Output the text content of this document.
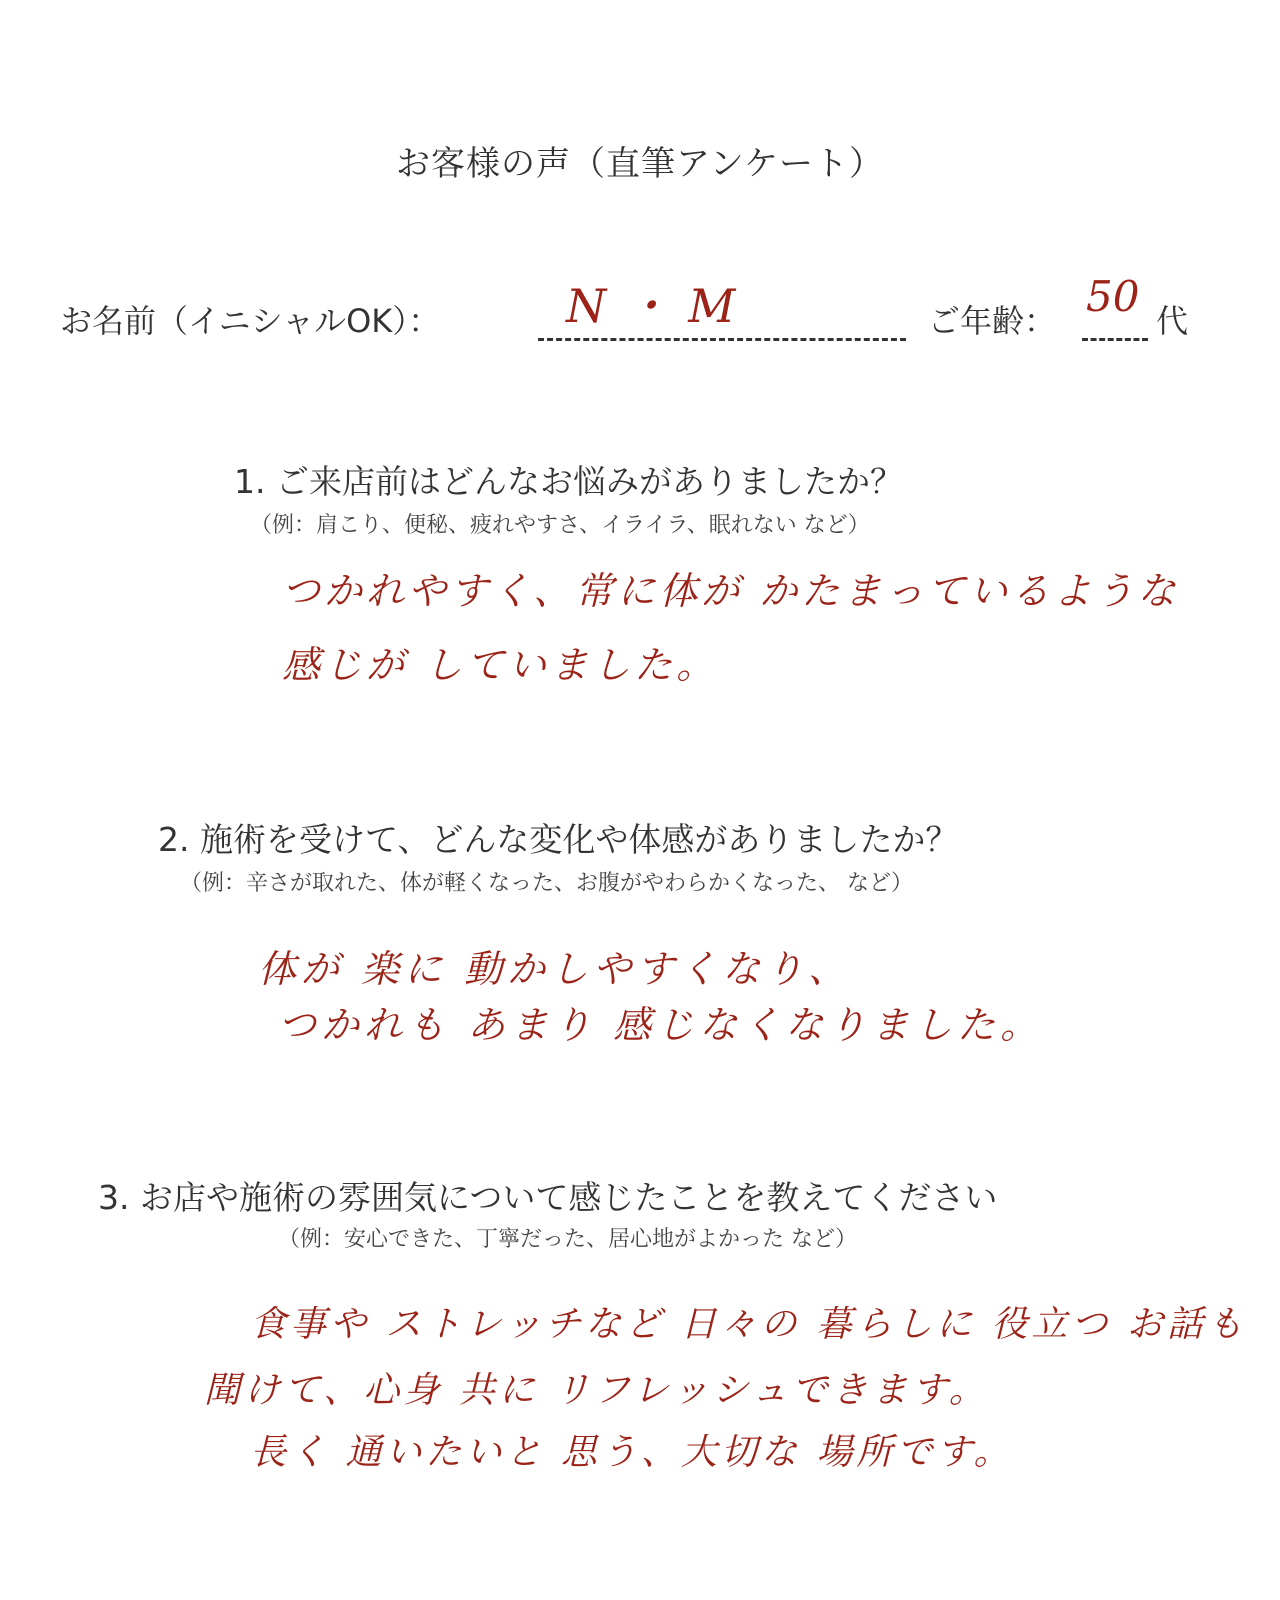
お客様の声（直筆アンケート）
お名前（イニシャルOK）：	N・M	ご年齢： 50 代
1. ご来店前はどんなお悩みがありましたか？
（例：肩こり、便秘、疲れやすさ、イライラ、眠れない など）
つかれやすく、常に体が かたまっているような
感じが していました。
2. 施術を受けて、どんな変化や体感がありましたか？
（例：辛さが取れた、体が軽くなった、お腹がやわらかくなった、 など）
体が 楽に 動かしやすくなり、
つかれも あまり 感じなくなりました。
3. お店や施術の雰囲気について感じたことを教えてください
（例：安心できた、丁寧だった、居心地がよかった など）
食事や ストレッチなど 日々の 暮らしに 役立つ お話も
聞けて、心身 共に リフレッシュできます。
長く 通いたいと 思う、大切な 場所です。
